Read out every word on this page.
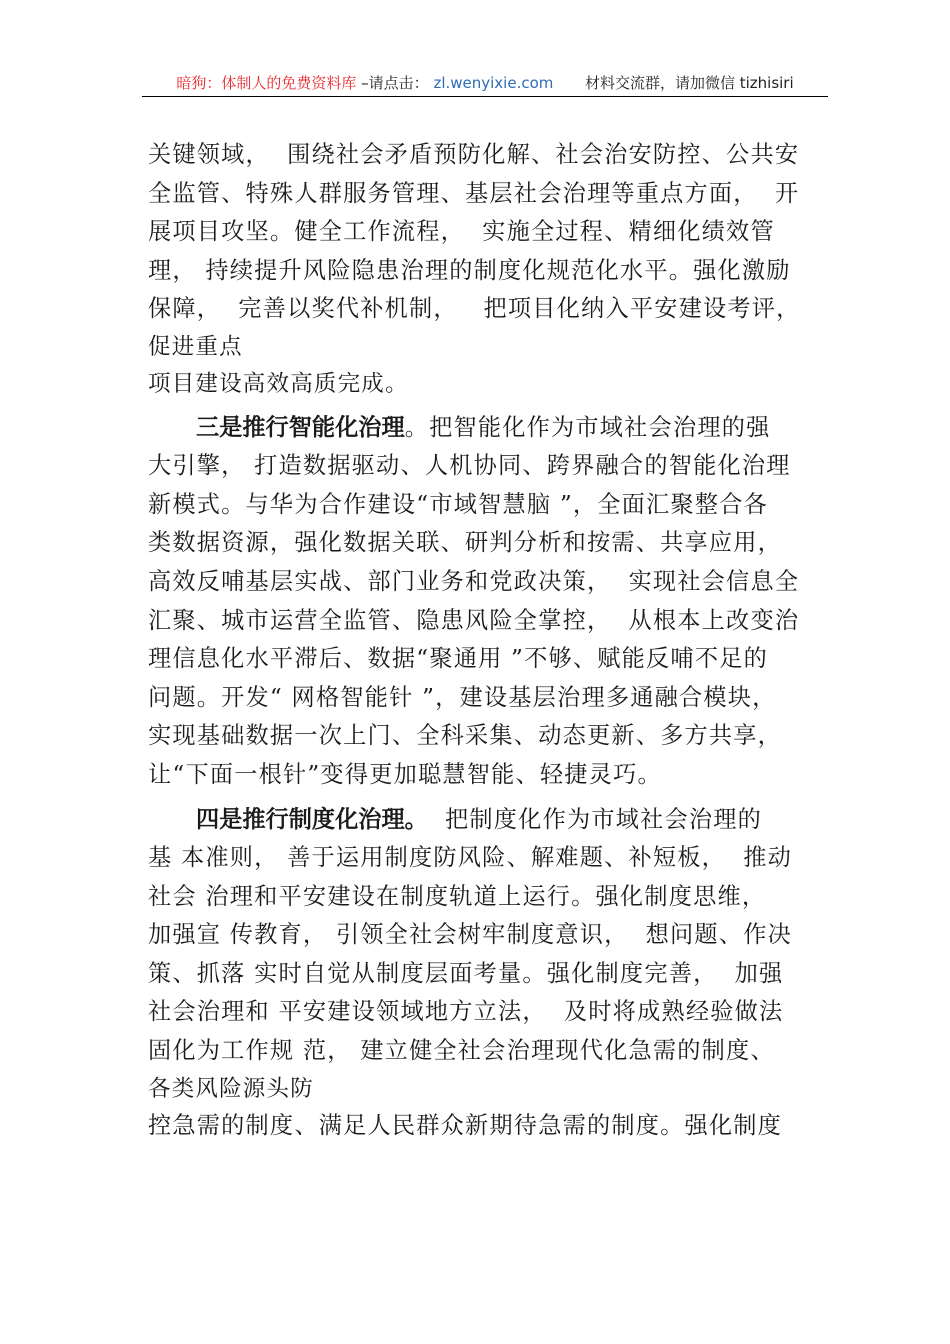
暗狗：体制人的免费资料库 –请点击： zl.wenyixie.com 材料交流群，请加微信 tizhisiri
关键领域，  围绕社会矛盾预防化解、社会治安防控、公共安
全监管、特殊人群服务管理、基层社会治理等重点方面，  开
展项目攻坚。健全工作流程，  实施全过程、精细化绩效管
理， 持续提升风险隐患治理的制度化规范化水平。强化激励
保障，  完善以奖代补机制，   把项目化纳入平安建设考评，
促进重点
项目建设高效高质完成。
三是推行智能化治理。把智能化作为市域社会治理的强
大引擎， 打造数据驱动、人机协同、跨界融合的智能化治理
新模式。与华为合作建设“市域智慧脑 ”，全面汇聚整合各
类数据资源，强化数据关联、研判分析和按需、共享应用，
高效反哺基层实战、部门业务和党政决策，  实现社会信息全
汇聚、城市运营全监管、隐患风险全掌控，  从根本上改变治
理信息化水平滞后、数据“聚通用 ”不够、赋能反哺不足的
问题。开发“ 网格智能针 ”，建设基层治理多通融合模块，
实现基础数据一次上门、全科采集、动态更新、多方共享，
让“下面一根针”变得更加聪慧智能、轻捷灵巧。
四是推行制度化治理。  把制度化作为市域社会治理的
基 本准则， 善于运用制度防风险、解难题、补短板，  推动
社会 治理和平安建设在制度轨道上运行。强化制度思维，
加强宣 传教育， 引领全社会树牢制度意识，  想问题、作决
策、抓落 实时自觉从制度层面考量。强化制度完善，  加强
社会治理和 平安建设领域地方立法，  及时将成熟经验做法
固化为工作规 范， 建立健全社会治理现代化急需的制度、
各类风险源头防
控急需的制度、满足人民群众新期待急需的制度。强化制度
